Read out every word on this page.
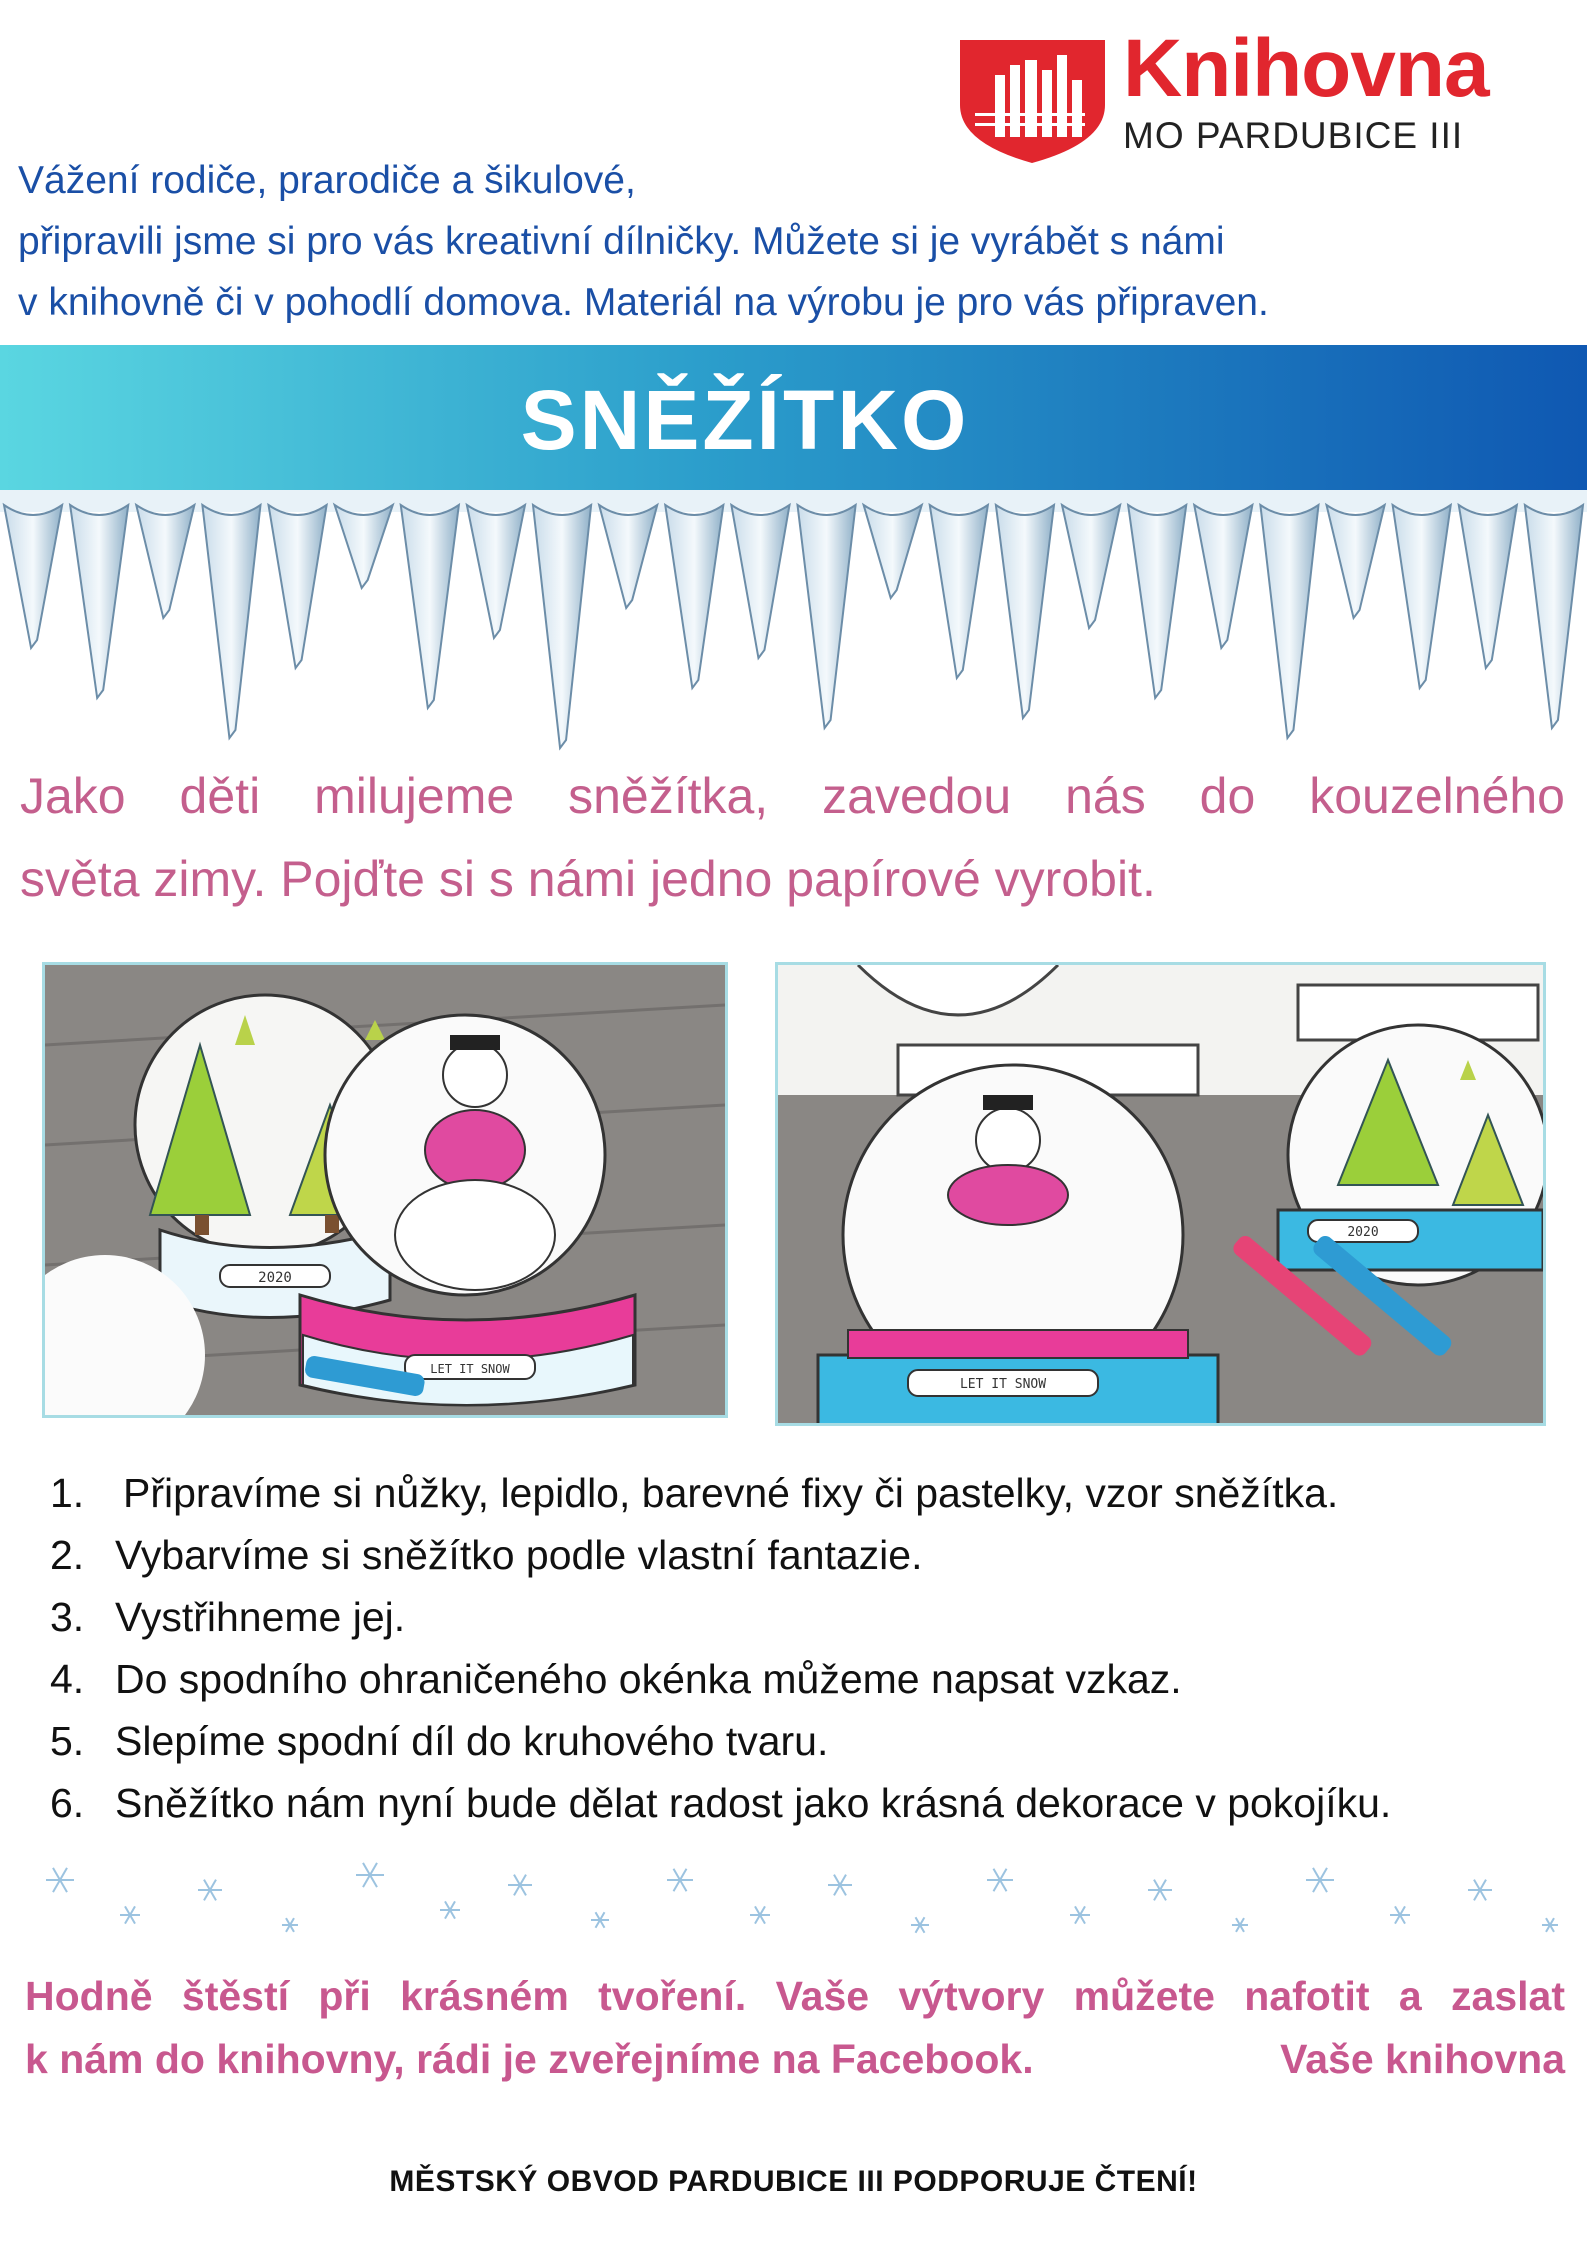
Knihovna
MO PARDUBICE III
Vážení rodiče, prarodiče a šikulové,
připravili jsme si pro vás kreativní dílničky. Můžete si je vyrábět s námi
v knihovně či v pohodlí domova. Materiál na výrobu je pro vás připraven.
SNĚŽÍTKO
Jako děti milujeme sněžítka, zavedou nás do kouzelného
světa zimy. Pojďte si s námi jedno papírové vyrobit.
2020
LET IT SNOW
LET IT SNOW
2020
1. Připravíme si nůžky, lepidlo, barevné fixy či pastelky, vzor sněžítka.
2. Vybarvíme si sněžítko podle vlastní fantazie.
3. Vystřihneme jej.
4. Do spodního ohraničeného okénka můžeme napsat vzkaz.
5. Slepíme spodní díl do kruhového tvaru.
6. Sněžítko nám nyní bude dělat radost jako krásná dekorace v pokojíku.
Hodně štěstí při krásném tvoření. Vaše výtvory můžete nafotit a zaslat
k nám do knihovny, rádi je zveřejníme na Facebook.	Vaše knihovna
MĚSTSKÝ OBVOD PARDUBICE III PODPORUJE ČTENÍ!
